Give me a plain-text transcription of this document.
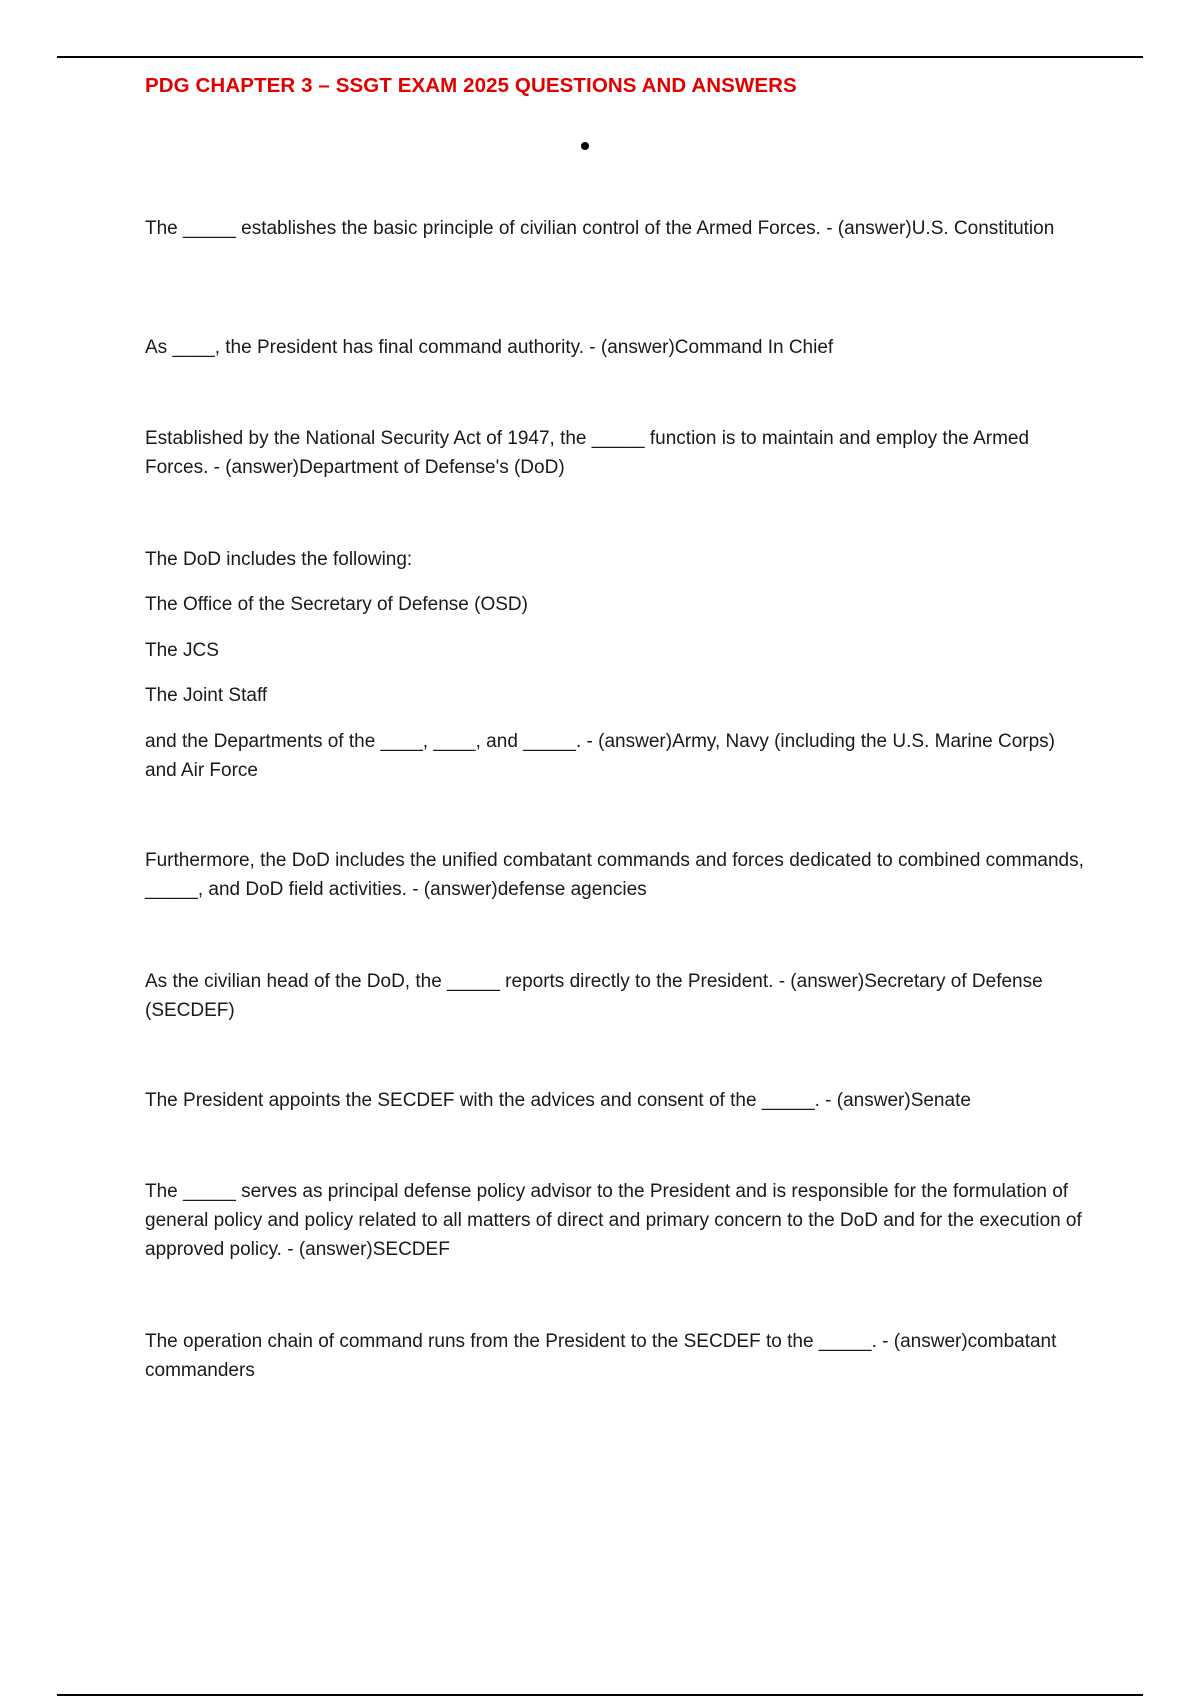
PDG CHAPTER 3 – SSGT EXAM 2025 QUESTIONS AND ANSWERS

The _____ establishes the basic principle of civilian control of the Armed Forces. - (answer)U.S. Constitution

As ____, the President has final command authority. - (answer)Command In Chief

Established by the National Security Act of 1947, the _____ function is to maintain and employ the Armed Forces. - (answer)Department of Defense's (DoD)

The DoD includes the following:

The Office of the Secretary of Defense (OSD)

The JCS

The Joint Staff

and the Departments of the ____, ____, and _____. - (answer)Army, Navy (including the U.S. Marine Corps) and Air Force

Furthermore, the DoD includes the unified combatant commands and forces dedicated to combined commands, _____, and DoD field activities. - (answer)defense agencies

As the civilian head of the DoD, the _____ reports directly to the President. - (answer)Secretary of Defense (SECDEF)

The President appoints the SECDEF with the advices and consent of the _____. - (answer)Senate

The _____ serves as principal defense policy advisor to the President and is responsible for the formulation of general policy and policy related to all matters of direct and primary concern to the DoD and for the execution of approved policy. - (answer)SECDEF

The operation chain of command runs from the President to the SECDEF to the _____. - (answer)combatant commanders
